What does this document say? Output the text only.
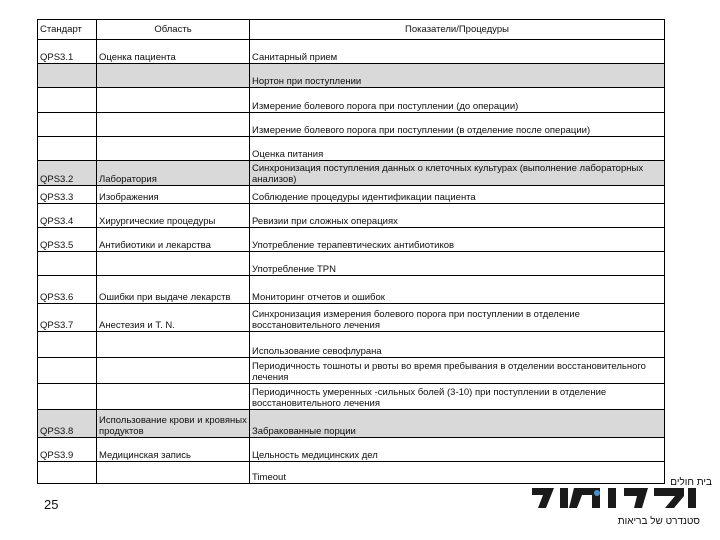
Стандарт	Область	Показатели/Процедуры
QPS3.1	Оценка пациента	Санитарный прием
		Нортон при поступлении
		Измерение болевого порога при поступлении (до операции)
		Измерение болевого порога при поступлении (в отделение после операции)
		Оценка питания
QPS3.2	Лаборатория	Синхронизация поступления данных о клеточных культурах (выполнение лабораторных анализов)
QPS3.3	Изображения	Соблюдение процедуры идентификации пациента
QPS3.4	Хирургические процедуры	Ревизии при сложных операциях
QPS3.5	Антибиотики и лекарства	Употребление терапевтических антибиотиков
		Употребление TPN
QPS3.6	Ошибки при выдаче лекарств	Мониторинг отчетов и ошибок
QPS3.7	Анестезия и Т. N.	Синхронизация измерения болевого порога при поступлении в отделение восстановительного лечения
		Использование севофлурана
		Периодичность тошноты и рвоты во время пребывания в отделении восстановительного лечения
		Периодичность умеренных -сильных болей (3-10) при поступлении в отделение восстановительного лечения
QPS3.8	Использование крови и кровяных продуктов	Забракованные порции
QPS3.9	Медицинская запись	Цельность медицинских дел
		Timeout
25
בית חולים
סטנדרט של בריאות
